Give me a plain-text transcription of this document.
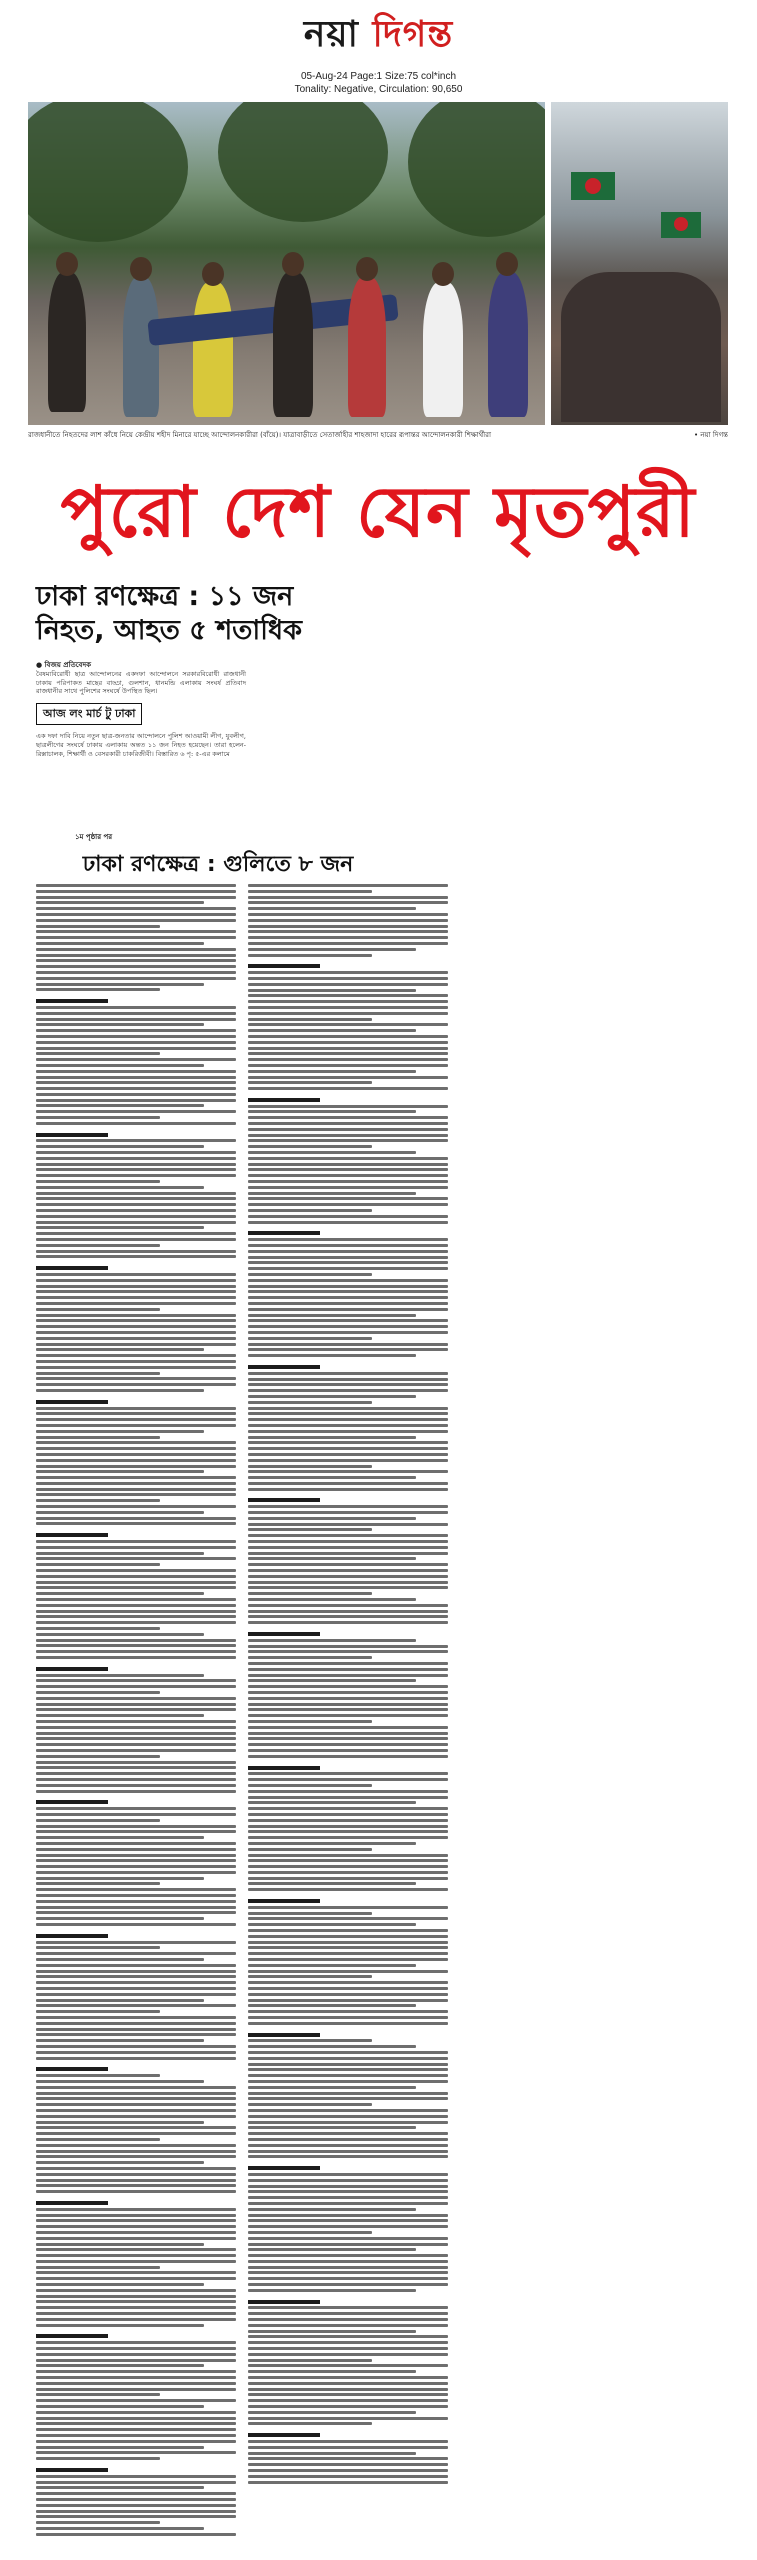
নয়া দিগন্ত
05-Aug-24 Page:1 Size:75 col*inch
Tonality: Negative, Circulation: 90,650
রাজধানীতে নিহতদের লাশ কাঁধে নিয়ে কেন্দ্রীয় শহীদ মিনারে যাচ্ছে আন্দোলনকারীরা (বাঁয়ে)। যাত্রাবাড়ীতে সেতার্জাহীর শাহজাদা হারের রূপান্তর আন্দোলনকারী শিক্ষার্থীরা	• নয়া দিগন্ত
পুরো দেশ যেন মৃতপুরী
ঢাকা রণক্ষেত্র : ১১ জন
নিহত, আহত ৫ শতাধিক
● বিজয় প্রতিবেদক

বৈষম্যবিরোধী ছাত্র আন্দোলনের একদফা আন্দোলনে সরকারবিরোধী রাজধানী ঢাকায় পরিপাকত মাছের বাড্ডা, গুলশান, ধানমন্ডি এলাকায় সংঘর্ষ প্রতিবাদ রাজধানীর সাথে পুলিশের সংঘর্ষে উপস্থিত ছিল।

আজ লং মার্চ টু ঢাকা

এক দফা দাবি নিয়ে নতুন ছাত্র-জনতার আন্দোলনে পুলিশ আওয়ামী লীগ, যুবলীগ, ছাত্রলীগের সংঘর্ষে ঢাকায় এলাকায় অন্তত ১১ জন নিহত হয়েছেন। তারা হলেন- রিক্সাচালক, শিক্ষার্থী ও বেসরকারী চাকরিজীবী। বিস্তারিত ৬ পৃ: ৫-এর কলামে

১ম পৃষ্ঠার পর
ঢাকা রণক্ষেত্র : গুলিতে ৮ জন
